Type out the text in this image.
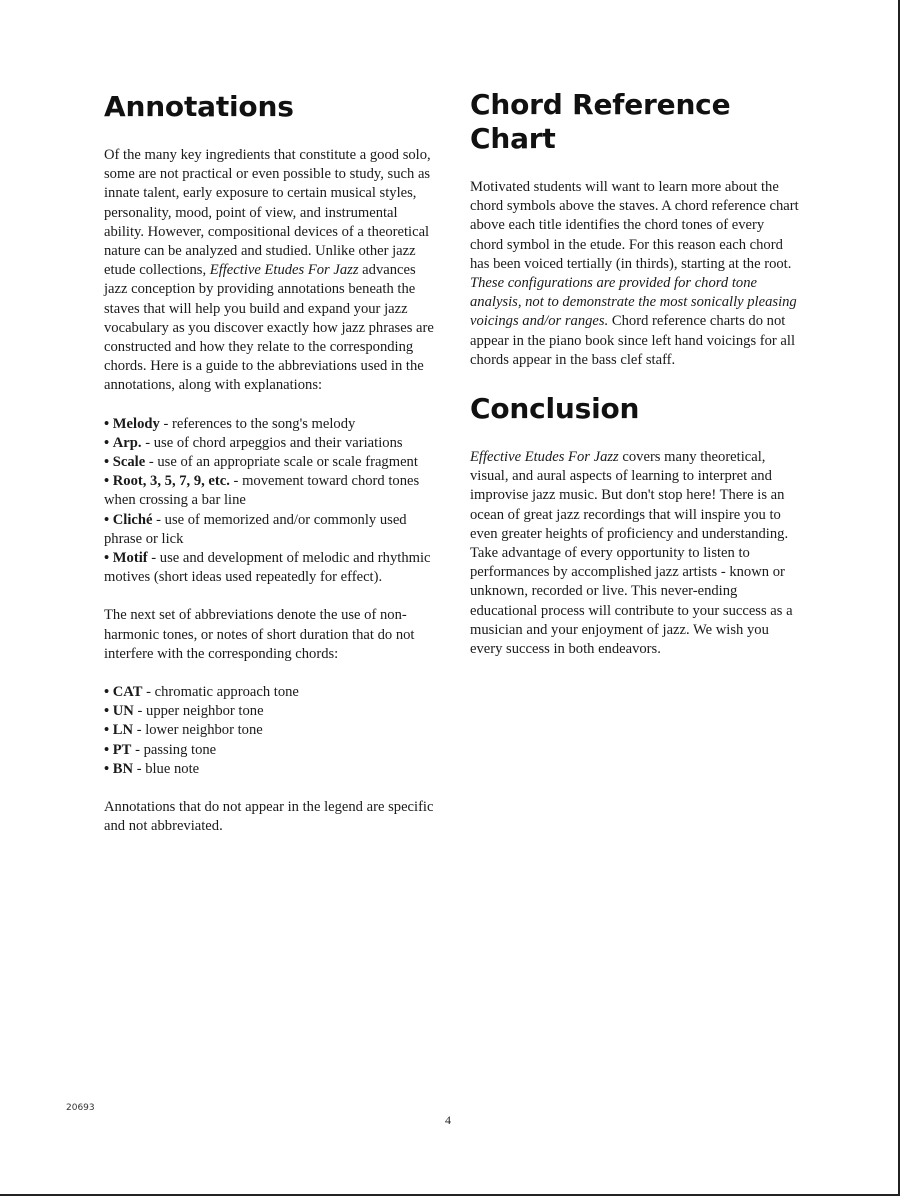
Annotations

Of the many key ingredients that constitute a good solo, some are not practical or even possible to study, such as innate talent, early exposure to certain musical styles, personality, mood, point of view, and instrumental ability. However, compositional devices of a theoretical nature can be analyzed and studied. Unlike other jazz etude collections, Effective Etudes For Jazz advances jazz conception by providing annotations beneath the staves that will help you build and expand your jazz vocabulary as you discover exactly how jazz phrases are constructed and how they relate to the corresponding chords. Here is a guide to the abbreviations used in the annotations, along with explanations:

• Melody - references to the song's melody
• Arp. - use of chord arpeggios and their variations
• Scale - use of an appropriate scale or scale fragment
• Root, 3, 5, 7, 9, etc. - movement toward chord tones when crossing a bar line
• Cliché - use of memorized and/or commonly used phrase or lick
• Motif - use and development of melodic and rhythmic motives (short ideas used repeatedly for effect).

The next set of abbreviations denote the use of non-harmonic tones, or notes of short duration that do not interfere with the corresponding chords:

• CAT - chromatic approach tone
• UN - upper neighbor tone
• LN - lower neighbor tone
• PT - passing tone
• BN - blue note

Annotations that do not appear in the legend are specific and not abbreviated.

Chord Reference Chart

Motivated students will want to learn more about the chord symbols above the staves. A chord reference chart above each title identifies the chord tones of every chord symbol in the etude. For this reason each chord has been voiced tertially (in thirds), starting at the root. These configurations are provided for chord tone analysis, not to demonstrate the most sonically pleasing voicings and/or ranges. Chord reference charts do not appear in the piano book since left hand voicings for all chords appear in the bass clef staff.

Conclusion

Effective Etudes For Jazz covers many theoretical, visual, and aural aspects of learning to interpret and improvise jazz music. But don't stop here! There is an ocean of great jazz recordings that will inspire you to even greater heights of proficiency and understanding. Take advantage of every opportunity to listen to performances by accomplished jazz artists - known or unknown, recorded or live. This never-ending educational process will contribute to your success as a musician and your enjoyment of jazz. We wish you every success in both endeavors.

20693
4
